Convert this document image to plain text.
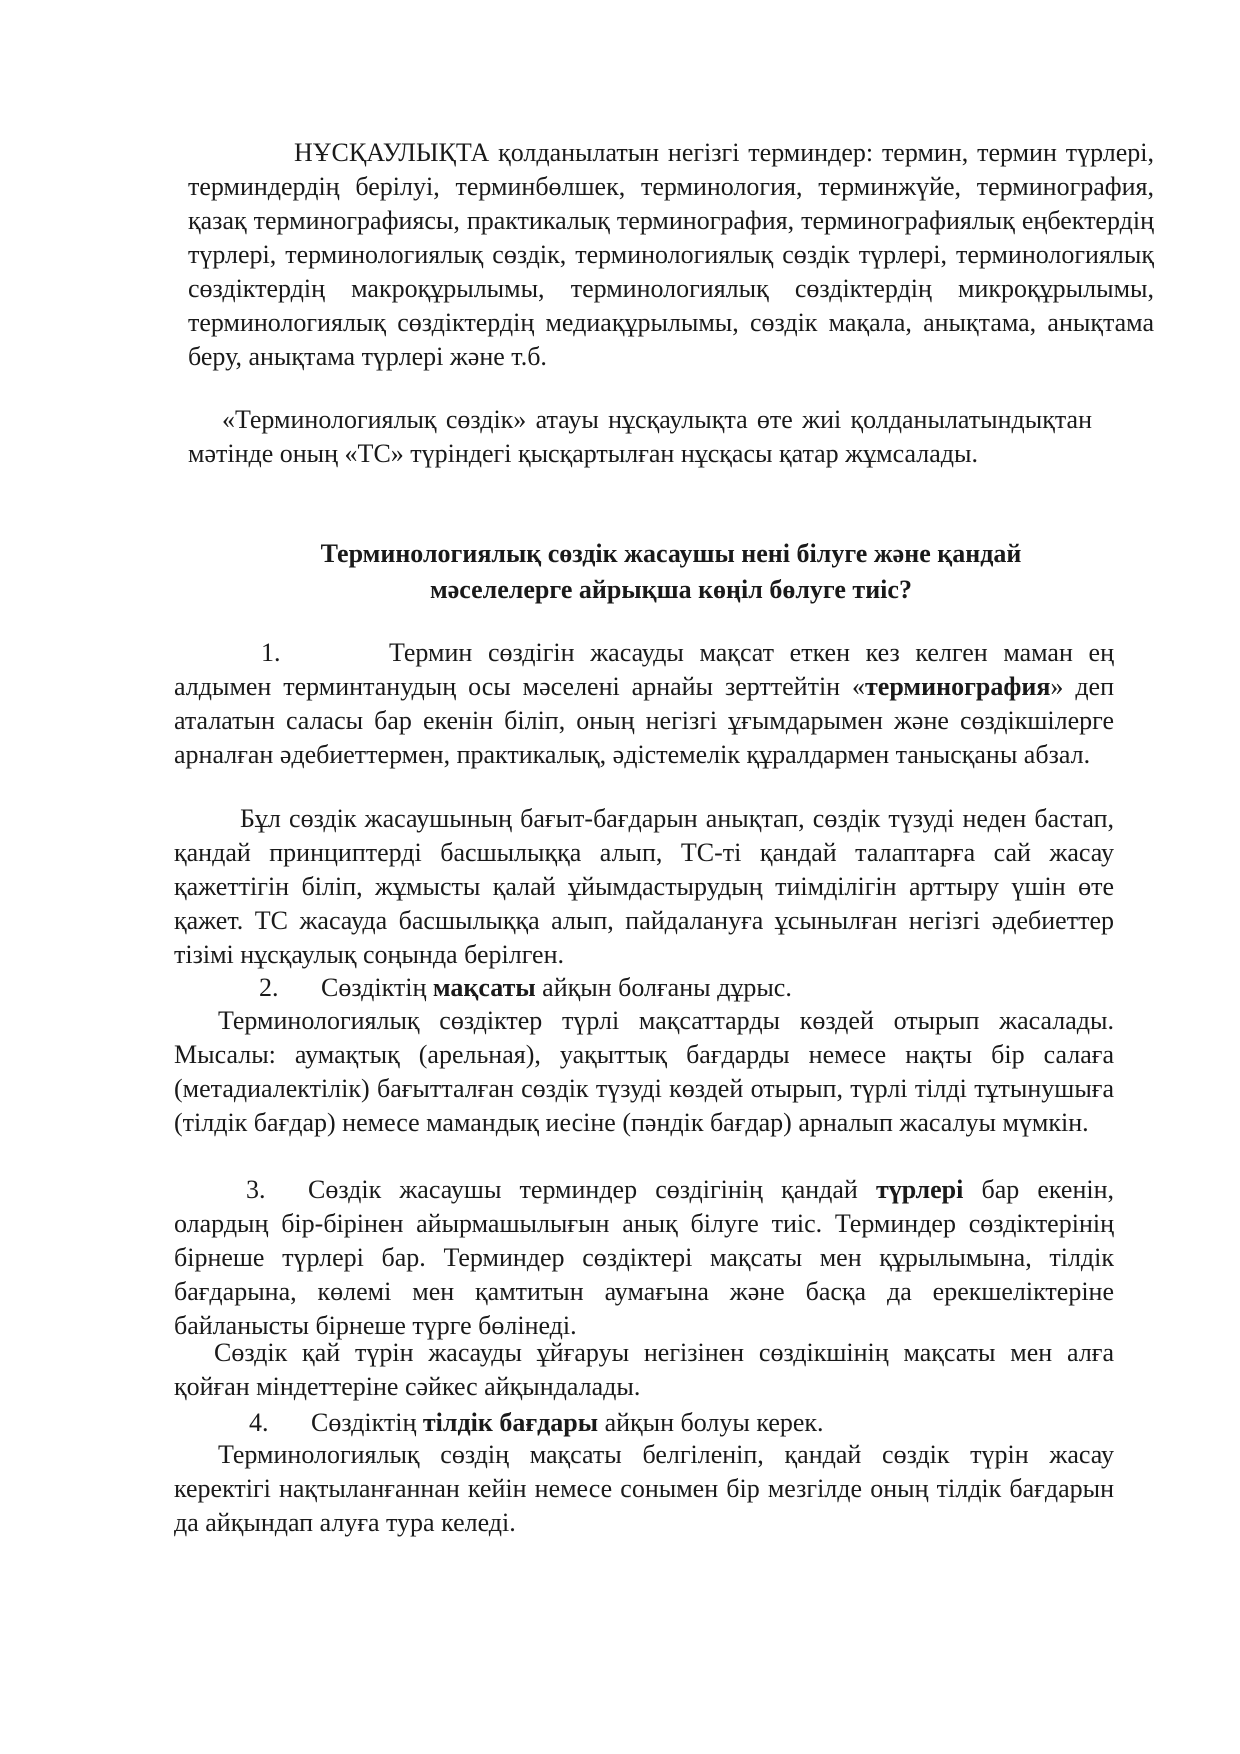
НҰСҚАУЛЫҚТА қолданылатын негізгі терминдер: термин, термин түрлері, терминдердің берілуі, терминбөлшек, терминология, терминжүйе, терминография, қазақ терминографиясы, практикалық терминография, терминографиялық еңбектердің түрлері, терминологиялық сөздік, терминологиялық сөздік түрлері, терминологиялық сөздіктердің макроқұрылымы, терминологиялық сөздіктердің микроқұрылымы, терминологиялық сөздіктердің медиақұрылымы, сөздік мақала, анықтама, анықтама беру, анықтама түрлері және т.б.

«Терминологиялық сөздік» атауы нұсқаулықта өте жиі қолданылатындықтан мәтінде оның «ТС» түріндегі қысқартылған нұсқасы қатар жұмсалады.

Терминологиялық сөздік жасаушы нені білуге және қандай
мәселелерге айрықша көңіл бөлуге тиіс?

1.	Термин сөздігін жасауды мақсат еткен кез келген маман ең алдымен терминтанудың осы мәселені арнайы зерттейтін «терминография» деп аталатын саласы бар екенін біліп, оның негізгі ұғымдарымен және сөздікшілерге арналған әдебиеттермен, практикалық, әдістемелік құралдармен танысқаны абзал.

Бұл сөздік жасаушының бағыт-бағдарын анықтап, сөздік түзуді неден бастап, қандай принциптерді басшылыққа алып, ТС-ті қандай талаптарға сай жасау қажеттігін біліп, жұмысты қалай ұйымдастырудың тиімділігін арттыру үшін өте қажет. ТС жасауда басшылыққа алып, пайдалануға ұсынылған негізгі әдебиеттер тізімі нұсқаулық соңында берілген.

2. Сөздіктің мақсаты айқын болғаны дұрыс.

Терминологиялық сөздіктер түрлі мақсаттарды көздей отырып жасалады. Мысалы: аумақтық (арельная), уақыттық бағдарды немесе нақты бір салаға (метадиалектілік) бағытталған сөздік түзуді көздей отырып, түрлі тілді тұтынушыға (тілдік бағдар) немесе мамандық иесіне (пәндік бағдар) арналып жасалуы мүмкін.

3. Сөздік жасаушы терминдер сөздігінің қандай түрлері бар екенін, олардың бір-бірінен айырмашылығын анық білуге тиіс. Терминдер сөздіктерінің бірнеше түрлері бар. Терминдер сөздіктері мақсаты мен құрылымына, тілдік бағдарына, көлемі мен қамтитын аумағына және басқа да ерекшеліктеріне байланысты бірнеше түрге бөлінеді.

Сөздік қай түрін жасауды ұйғаруы негізінен сөздікшінің мақсаты мен алға қойған міндеттеріне сәйкес айқындалады.

4. Сөздіктің тілдік бағдары айқын болуы керек.

Терминологиялық сөздің мақсаты белгіленіп, қандай сөздік түрін жасау керектігі нақтыланғаннан кейін немесе сонымен бір мезгілде оның тілдік бағдарын да айқындап алуға тура келеді.
